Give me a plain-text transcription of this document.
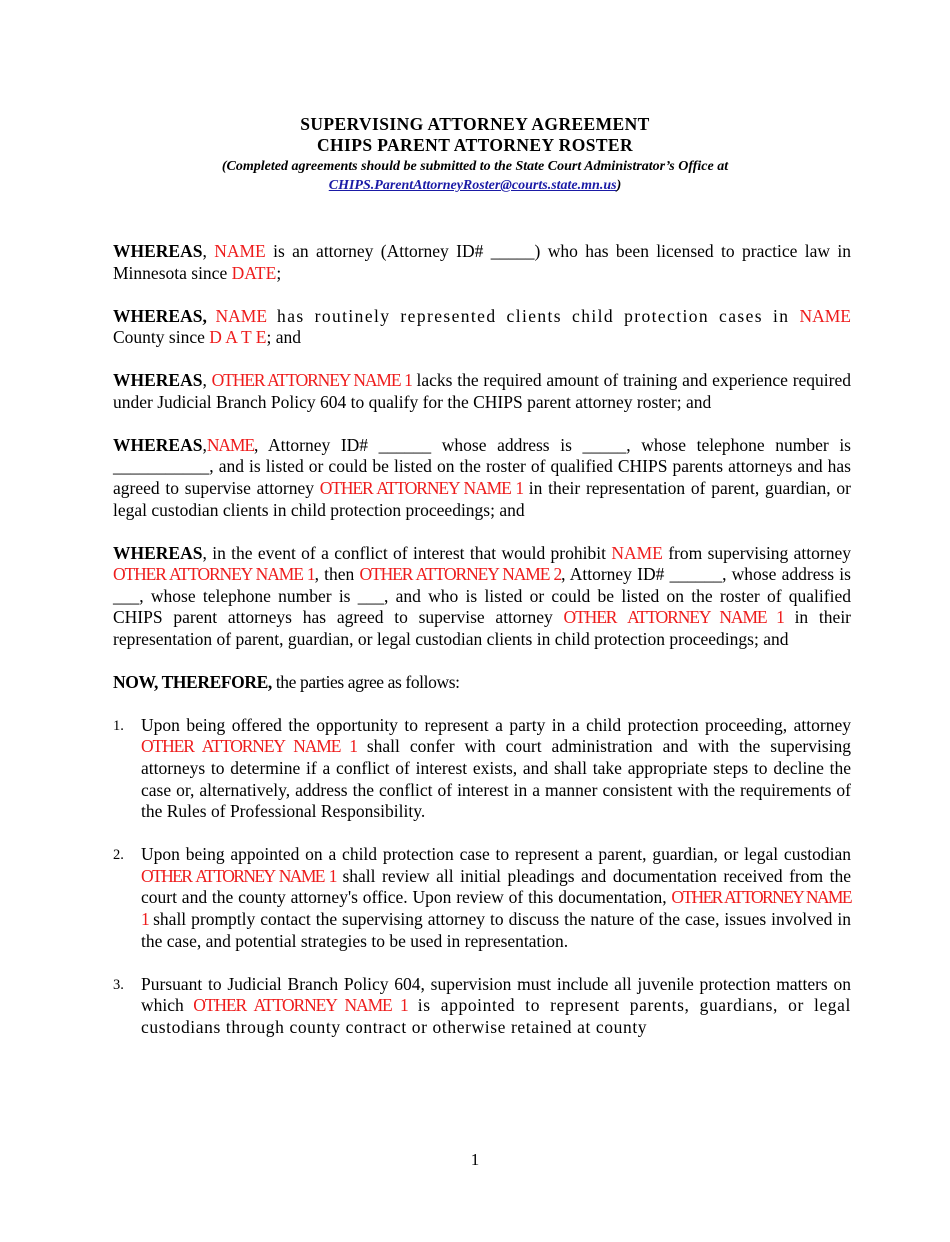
SUPERVISING ATTORNEY AGREEMENT
CHIPS PARENT ATTORNEY ROSTER
(Completed agreements should be submitted to the State Court Administrator’s Office at
CHIPS.ParentAttorneyRoster@courts.state.mn.us)

WHEREAS, NAME is an attorney (Attorney ID# _____) who has been licensed to practice law in Minnesota since DATE;

WHEREAS, NAME has routinely represented clients child protection cases in NAME County since D A T E; and

WHEREAS, OTHER ATTORNEY NAME 1 lacks the required amount of training and experience required under Judicial Branch Policy 604 to qualify for the CHIPS parent attorney roster; and

WHEREAS,NAME, Attorney ID# ______ whose address is _____, whose telephone number is ___________, and is listed or could be listed on the roster of qualified CHIPS parents attorneys and has agreed to supervise attorney OTHER ATTORNEY NAME 1 in their representation of parent, guardian, or legal custodian clients in child protection proceedings; and

WHEREAS, in the event of a conflict of interest that would prohibit NAME from supervising attorney OTHER ATTORNEY NAME 1, then OTHER ATTORNEY NAME 2, Attorney ID# ______, whose address is ___, whose telephone number is ___, and who is listed or could be listed on the roster of qualified CHIPS parent attorneys has agreed to supervise attorney OTHER ATTORNEY NAME 1 in their representation of parent, guardian, or legal custodian clients in child protection proceedings; and

NOW, THEREFORE, the parties agree as follows:

1. Upon being offered the opportunity to represent a party in a child protection proceeding, attorney OTHER ATTORNEY NAME 1 shall confer with court administration and with the supervising attorneys to determine if a conflict of interest exists, and shall take appropriate steps to decline the case or, alternatively, address the conflict of interest in a manner consistent with the requirements of the Rules of Professional Responsibility.
2. Upon being appointed on a child protection case to represent a parent, guardian, or legal custodian OTHER ATTORNEY NAME 1 shall review all initial pleadings and documentation received from the court and the county attorney's office. Upon review of this documentation, OTHER ATTORNEY NAME 1 shall promptly contact the supervising attorney to discuss the nature of the case, issues involved in the case, and potential strategies to be used in representation.
3. Pursuant to Judicial Branch Policy 604, supervision must include all juvenile protection matters on which OTHER ATTORNEY NAME 1 is appointed to represent parents, guardians, or legal custodians through county contract or otherwise retained at county
1
